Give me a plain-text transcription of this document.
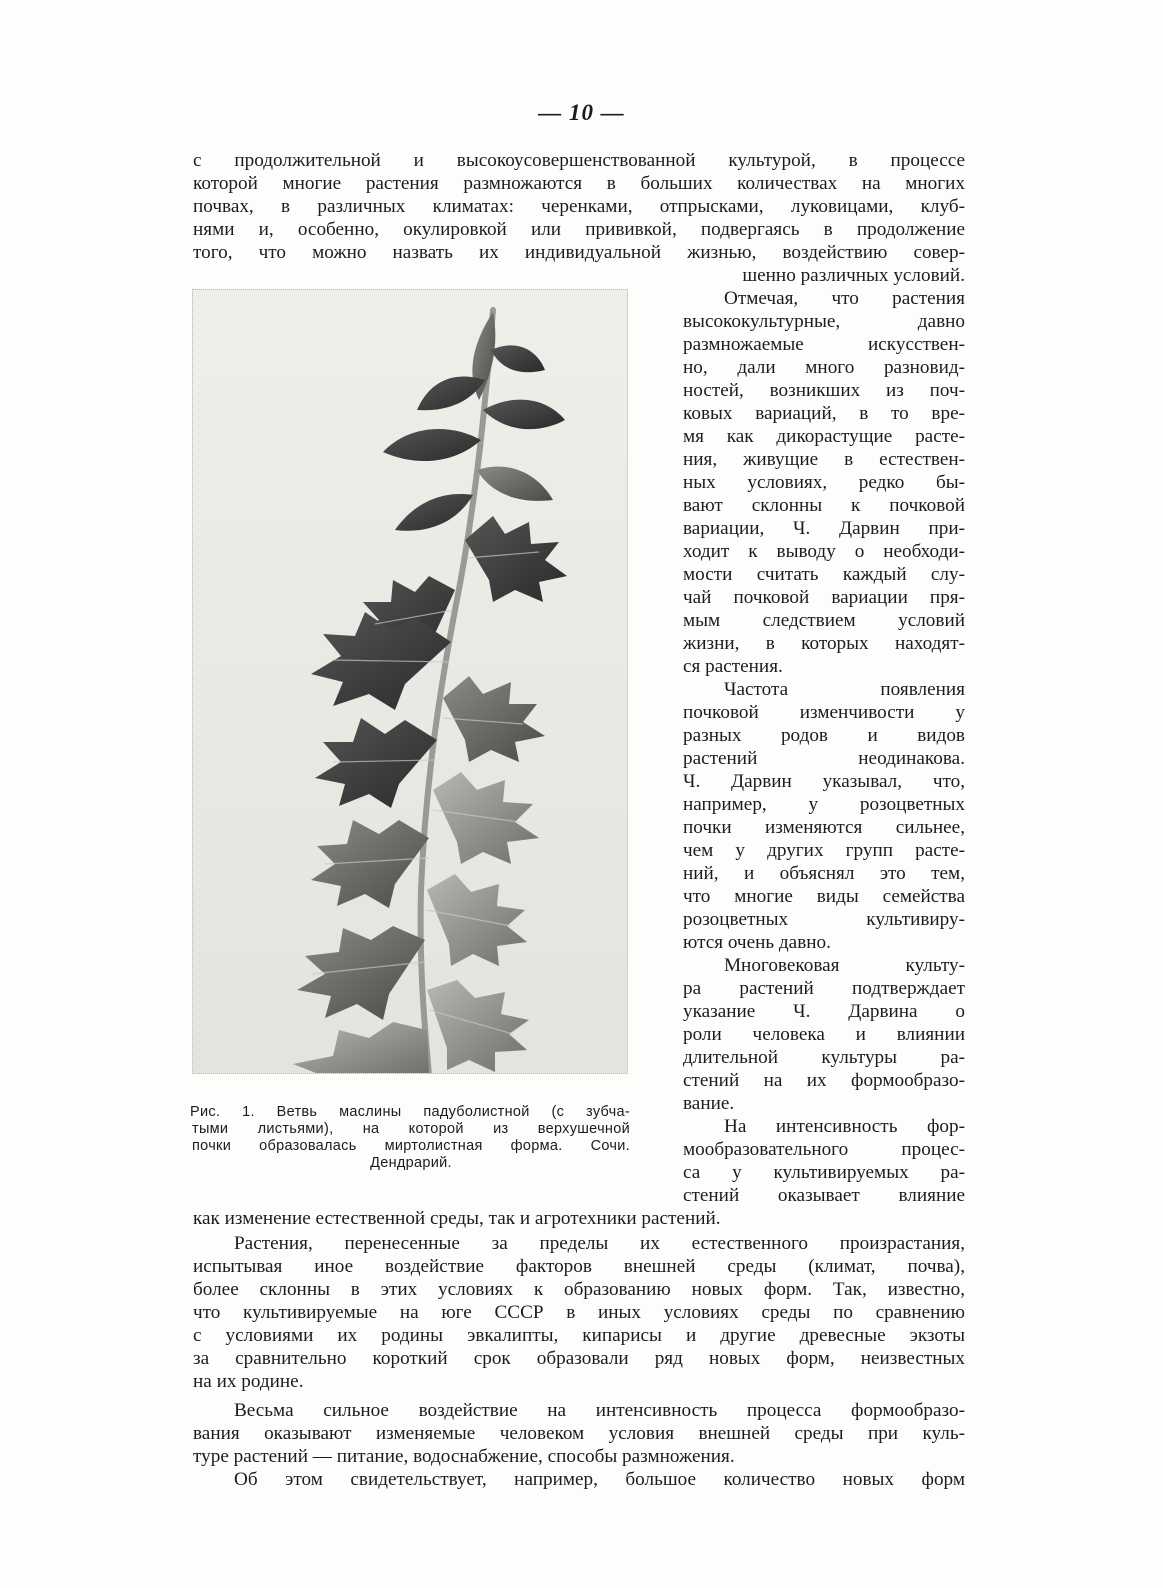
— 10 —
с продолжительной и высокоусовершенствованной культурой, в процессе
которой многие растения размножаются в больших количествах на многих
почвах, в различных климатах: черенками, отпрысками, луковицами, клуб-
нями и, особенно, окулировкой или прививкой, подвергаясь в продолжение
того, что можно назвать их индивидуальной жизнью, воздействию совер-
шенно различных условий.
Рис. 1. Ветвь маслины падуболистной (с зубча-
тыми листьями), на которой из верхушечной
почки образовалась миртолистная форма. Сочи.
Дендрарий.
Отмечая, что растения
высококультурные, давно
размножаемые искусствен-
но, дали много разновид-
ностей, возникших из поч-
ковых вариаций, в то вре-
мя как дикорастущие расте-
ния, живущие в естествен-
ных условиях, редко бы-
вают склонны к почковой
вариации, Ч. Дарвин при-
ходит к выводу о необходи-
мости считать каждый слу-
чай почковой вариации пря-
мым следствием условий
жизни, в которых находят-
ся растения.
Частота появления
почковой изменчивости у
разных родов и видов
растений неодинакова.
Ч. Дарвин указывал, что,
например, у розоцветных
почки изменяются сильнее,
чем у других групп расте-
ний, и объяснял это тем,
что многие виды семейства
розоцветных культивиру-
ются очень давно.
Многовековая культу-
ра растений подтверждает
указание Ч. Дарвина о
роли человека и влиянии
длительной культуры ра-
стений на их формообразо-
вание.
На интенсивность фор-
мообразовательного процес-
са у культивируемых ра-
стений оказывает влияние
как изменение естественной среды, так и агротехники растений.
Растения, перенесенные за пределы их естественного произрастания,
испытывая иное воздействие факторов внешней среды (климат, почва),
более склонны в этих условиях к образованию новых форм. Так, известно,
что культивируемые на юге СССР в иных условиях среды по сравнению
с условиями их родины эвкалипты, кипарисы и другие древесные экзоты
за сравнительно короткий срок образовали ряд новых форм, неизвестных
на их родине.
Весьма сильное воздействие на интенсивность процесса формообразо-
вания оказывают изменяемые человеком условия внешней среды при куль-
туре растений — питание, водоснабжение, способы размножения.
Об этом свидетельствует, например, большое количество новых форм
